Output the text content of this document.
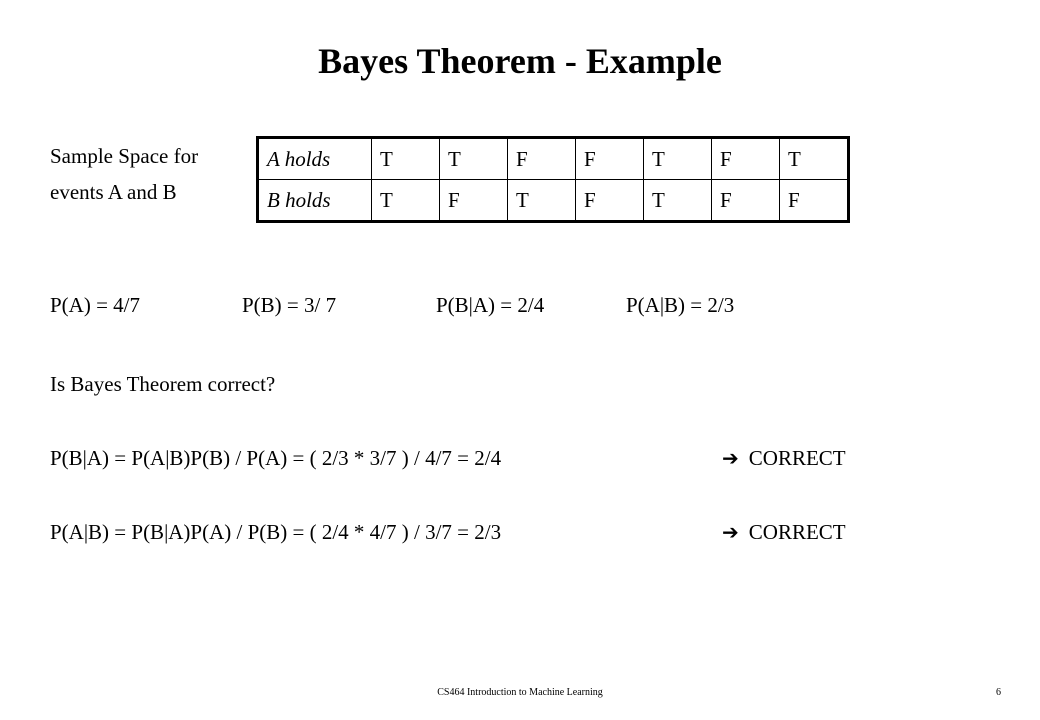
Bayes Theorem - Example
Sample Space for
events A and B
A holds	T	T	F	F	T	F	T
B holds	T	F	T	F	T	F	F
P(A) = 4/7	P(B) = 3/ 7	P(B|A) = 2/4	P(A|B) = 2/3
Is Bayes Theorem correct?
P(B|A) = P(A|B)P(B) / P(A) = ( 2/3 * 3/7 ) / 4/7 = 2/4	➔ CORRECT
P(A|B) = P(B|A)P(A) / P(B) = ( 2/4 * 4/7 ) / 3/7 = 2/3	➔ CORRECT
CS464 Introduction to Machine Learning	6
